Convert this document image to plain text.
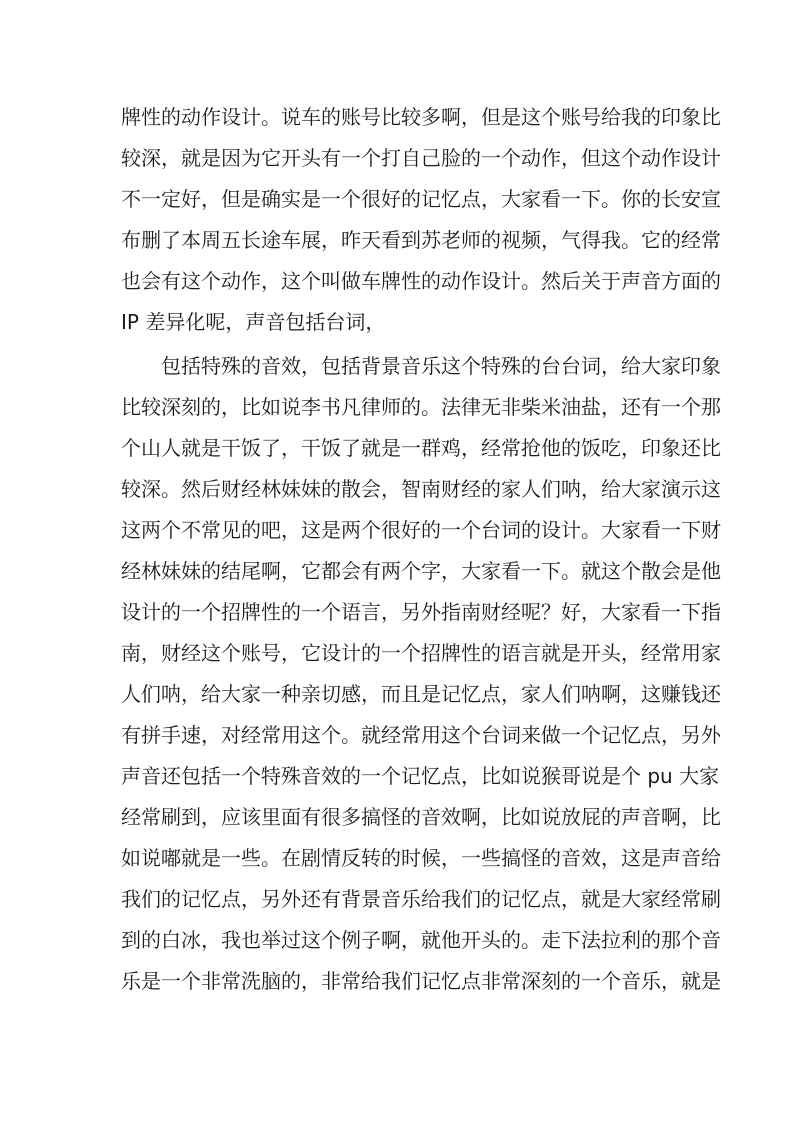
牌性的动作设计。说车的账号比较多啊，但是这个账号给我的印象比
较深，就是因为它开头有一个打自己脸的一个动作，但这个动作设计
不一定好，但是确实是一个很好的记忆点，大家看一下。你的长安宣
布删了本周五长途车展，昨天看到苏老师的视频，气得我。它的经常
也会有这个动作，这个叫做车牌性的动作设计。然后关于声音方面的
IP 差异化呢，声音包括台词，
包括特殊的音效，包括背景音乐这个特殊的台台词，给大家印象
比较深刻的，比如说李书凡律师的。法律无非柴米油盐，还有一个那
个山人就是干饭了，干饭了就是一群鸡，经常抢他的饭吃，印象还比
较深。然后财经林妹妹的散会，智南财经的家人们呐，给大家演示这
这两个不常见的吧，这是两个很好的一个台词的设计。大家看一下财
经林妹妹的结尾啊，它都会有两个字，大家看一下。就这个散会是他
设计的一个招牌性的一个语言，另外指南财经呢？好，大家看一下指
南，财经这个账号，它设计的一个招牌性的语言就是开头，经常用家
人们呐，给大家一种亲切感，而且是记忆点，家人们呐啊，这赚钱还
有拼手速，对经常用这个。就经常用这个台词来做一个记忆点，另外
声音还包括一个特殊音效的一个记忆点，比如说猴哥说是个 pu 大家
经常刷到，应该里面有很多搞怪的音效啊，比如说放屁的声音啊，比
如说嘟就是一些。在剧情反转的时候，一些搞怪的音效，这是声音给
我们的记忆点，另外还有背景音乐给我们的记忆点，就是大家经常刷
到的白冰，我也举过这个例子啊，就他开头的。走下法拉利的那个音
乐是一个非常洗脑的，非常给我们记忆点非常深刻的一个音乐，就是
